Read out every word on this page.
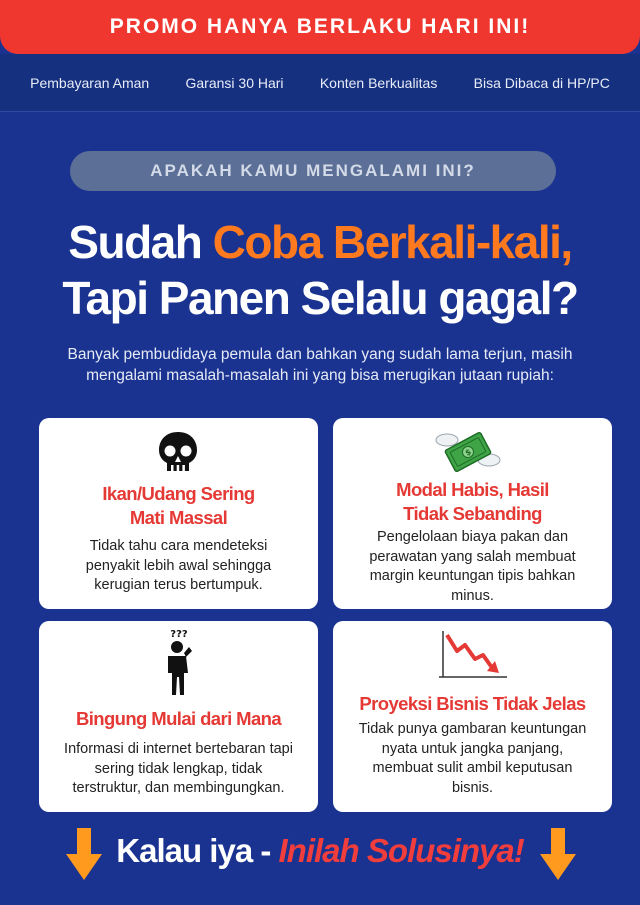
PROMO HANYA BERLAKU HARI INI!
Pembayaran Aman	Garansi 30 Hari	Konten Berkualitas	Bisa Dibaca di HP/PC
APAKAH KAMU MENGALAMI INI?
Sudah Coba Berkali-kali,
Tapi Panen Selalu gagal?
Banyak pembudidaya pemula dan bahkan yang sudah lama terjun, masih mengalami masalah-masalah ini yang bisa merugikan jutaan rupiah:
Ikan/Udang Sering
Mati Massal
Tidak tahu cara mendeteksi penyakit lebih awal sehingga kerugian terus bertumpuk.
$
Modal Habis, Hasil
Tidak Sebanding
Pengelolaan biaya pakan dan perawatan yang salah membuat margin keuntungan tipis bahkan minus.
???
Bingung Mulai dari Mana
Informasi di internet bertebaran tapi sering tidak lengkap, tidak terstruktur, dan membingungkan.
Proyeksi Bisnis Tidak Jelas
Tidak punya gambaran keuntungan nyata untuk jangka panjang, membuat sulit ambil keputusan bisnis.
Kalau iya - Inilah Solusinya!
